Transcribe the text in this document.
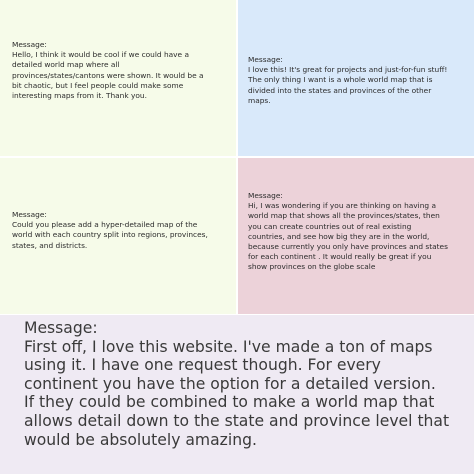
Message:
Hello, I think it would be cool if we could have a
detailed world map where all
provinces/states/cantons were shown. It would be a
bit chaotic, but I feel people could make some
interesting maps from it. Thank you.
Message:
I love this! It's great for projects and just-for-fun stuff!
The only thing I want is a whole world map that is
divided into the states and provinces of the other
maps.
Message:
Could you please add a hyper-detailed map of the
world with each country split into regions, provinces,
states, and districts.
Message:
Hi, I was wondering if you are thinking on having a
world map that shows all the provinces/states, then
you can create countries out of real existing
countries, and see how big they are in the world,
because currently you only have provinces and states
for each continent . It would really be great if you
show provinces on the globe scale
Message:
First off, I love this website. I've made a ton of maps
using it. I have one request though. For every
continent you have the option for a detailed version.
If they could be combined to make a world map that
allows detail down to the state and province level that
would be absolutely amazing.
